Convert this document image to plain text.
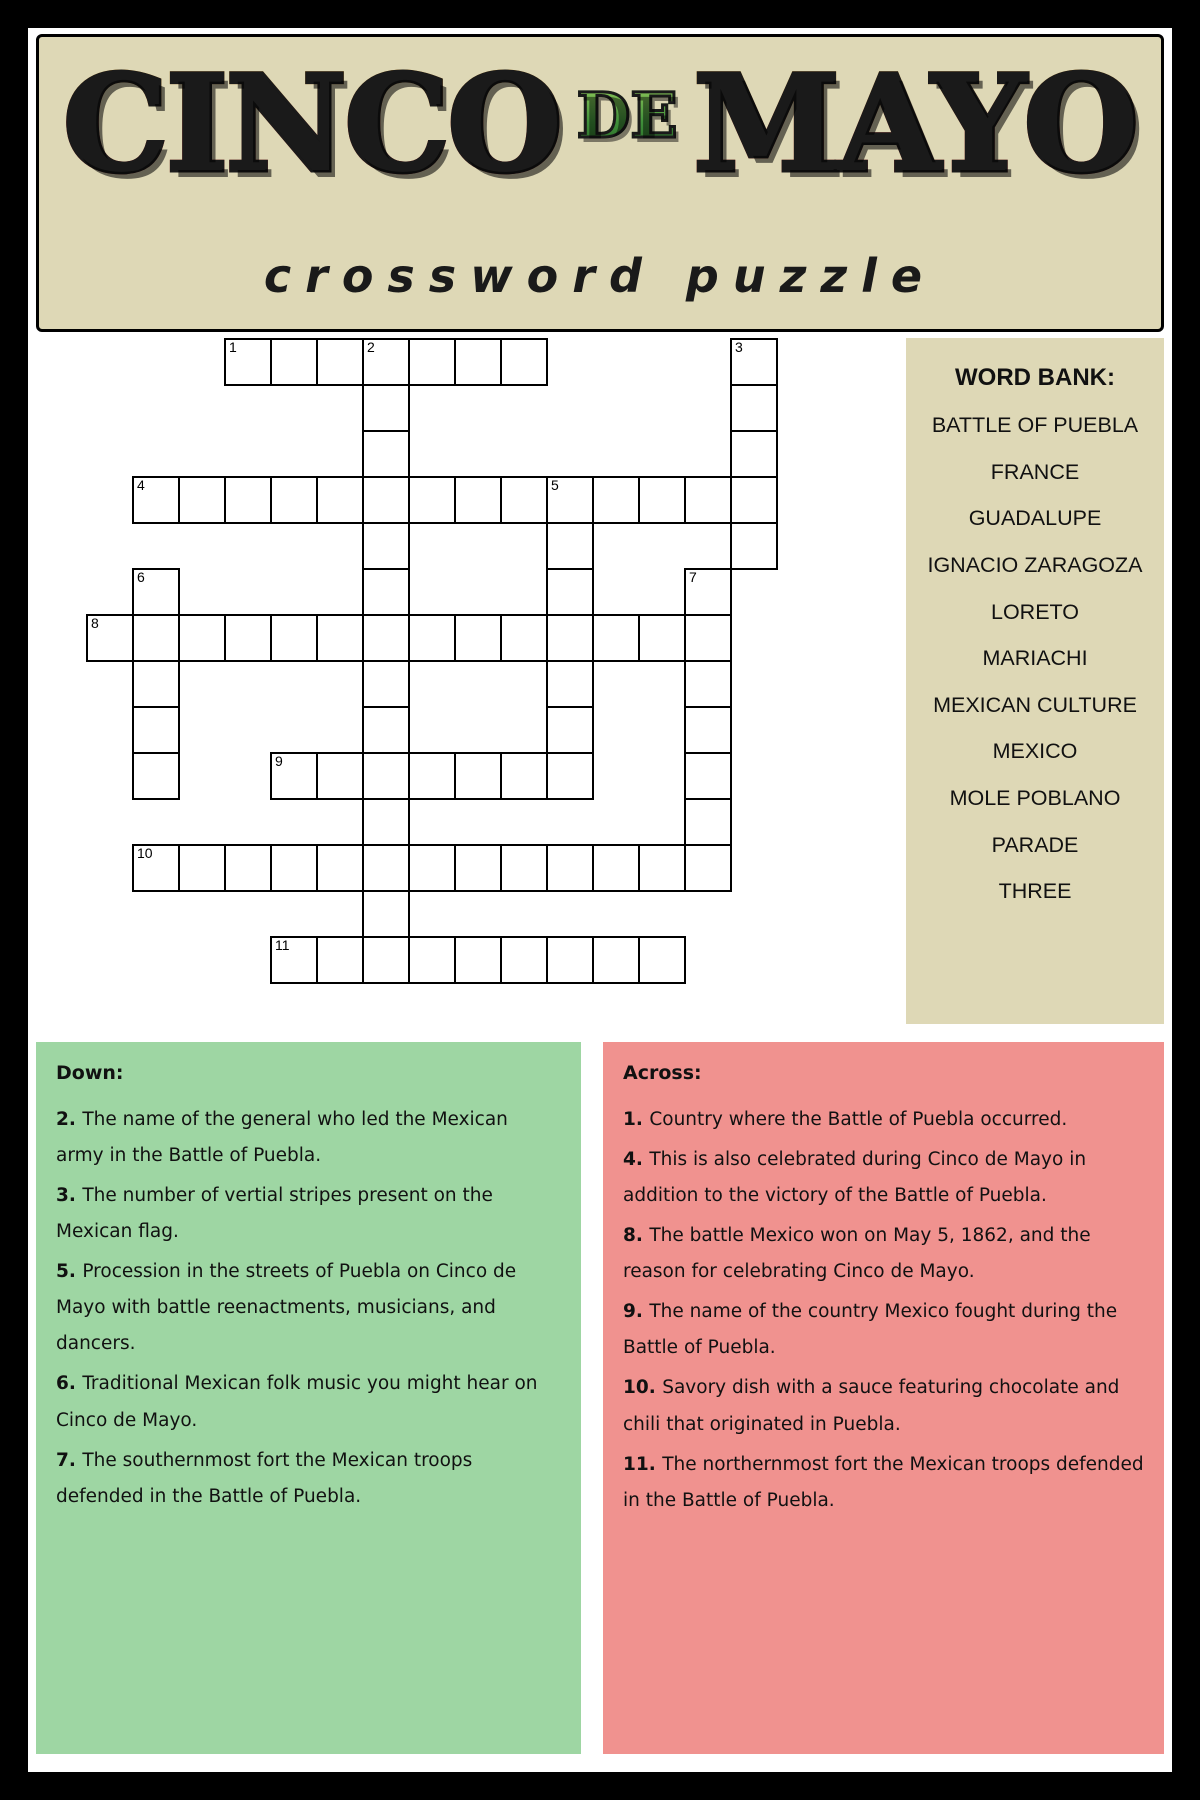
CINCO DE MAYO
crossword puzzle
1	2	3
4	5
6	7
8
9
10
11
WORD BANK:
BATTLE OF PUEBLA
FRANCE
GUADALUPE
IGNACIO ZARAGOZA
LORETO
MARIACHI
MEXICAN CULTURE
MEXICO
MOLE POBLANO
PARADE
THREE
Down:
2. The name of the general who led the Mexican army in the Battle of Puebla.
3. The number of vertial stripes present on the Mexican flag.
5. Procession in the streets of Puebla on Cinco de Mayo with battle reenactments, musicians, and dancers.
6. Traditional Mexican folk music you might hear on Cinco de Mayo.
7. The southernmost fort the Mexican troops defended in the Battle of Puebla.
Across:
1. Country where the Battle of Puebla occurred.
4. This is also celebrated during Cinco de Mayo in addition to the victory of the Battle of Puebla.
8. The battle Mexico won on May 5, 1862, and the reason for celebrating Cinco de Mayo.
9. The name of the country Mexico fought during the Battle of Puebla.
10. Savory dish with a sauce featuring chocolate and chili that originated in Puebla.
11. The northernmost fort the Mexican troops defended in the Battle of Puebla.
